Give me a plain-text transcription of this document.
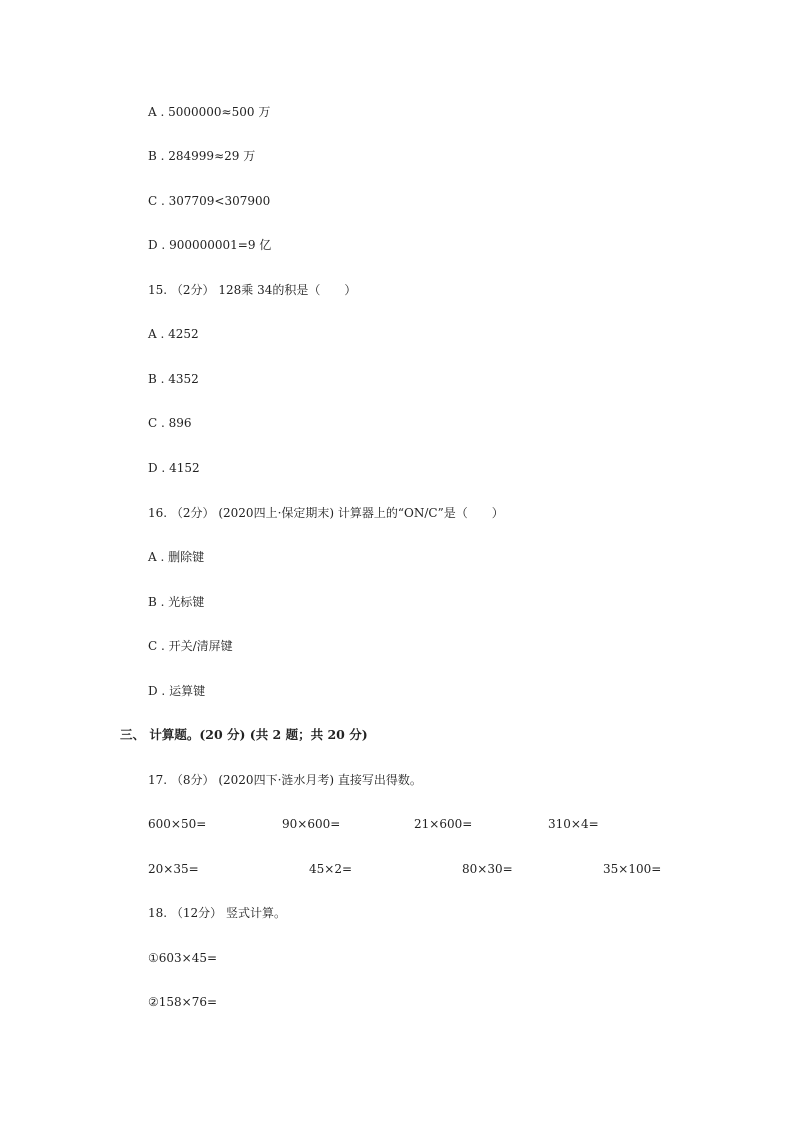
A . 5000000≈500 万
B . 284999≈29 万
C . 307709<307900
D . 900000001=9 亿
15. （2分） 128乘 34的积是（　　）
A . 4252
B . 4352
C . 896
D . 4152
16. （2分） (2020四上·保定期末) 计算器上的“ON/C”是（　　）
A . 删除键
B . 光标键
C . 开关/清屏键
D . 运算键
三、 计算题。(20 分) (共 2 题；共 20 分)
17. （8分） (2020四下·涟水月考) 直接写出得数。
600×50=	90×600=	21×600=	310×4=
20×35=	45×2=	80×30=	35×100=
18. （12分） 竖式计算。
①603×45=
②158×76=
